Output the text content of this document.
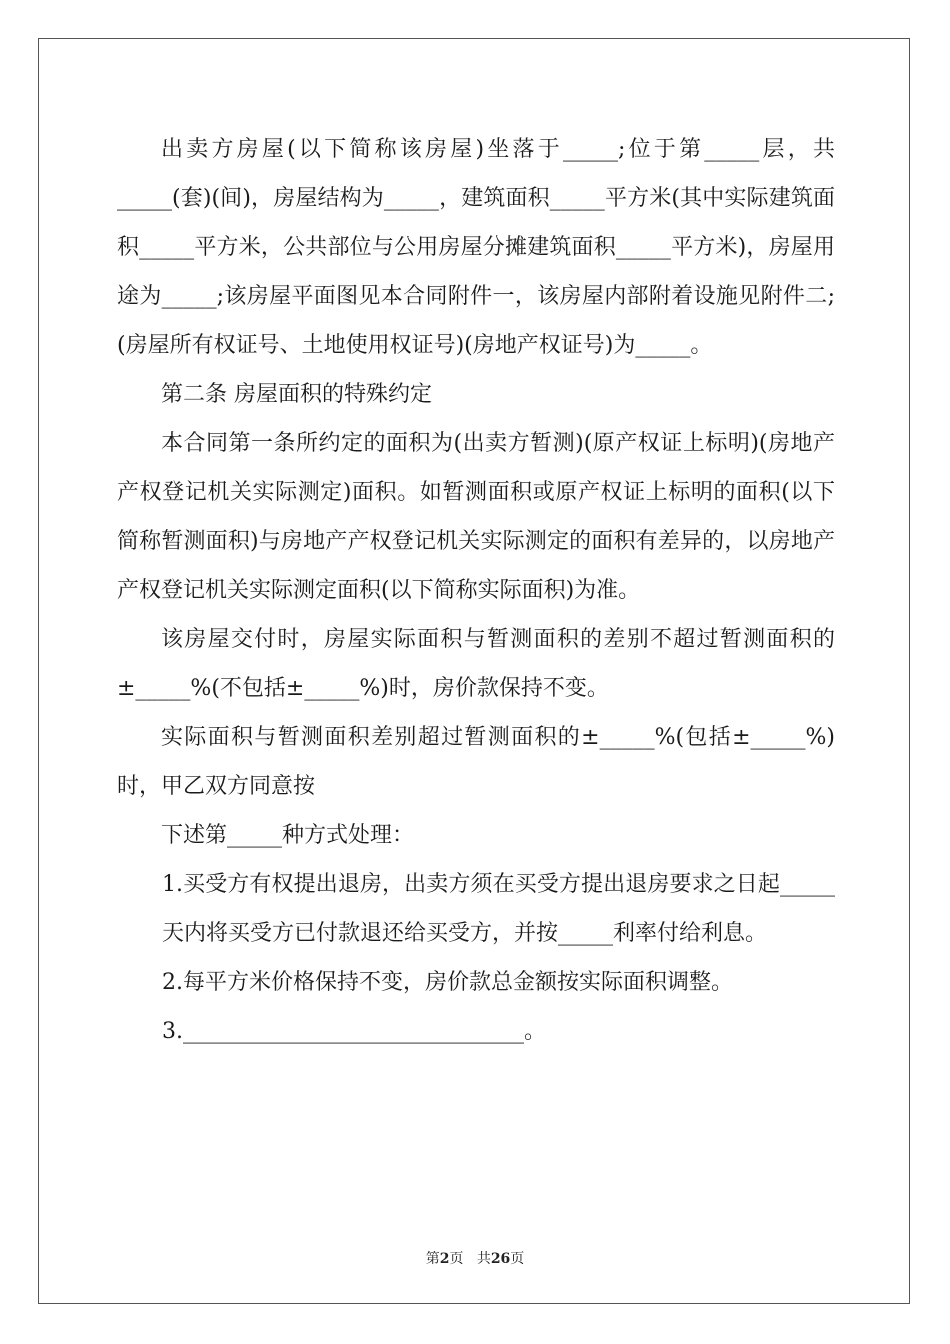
出卖方房屋(以下简称该房屋)坐落于_____;位于第_____层，共_____(套)(间)，房屋结构为_____，建筑面积_____平方米(其中实际建筑面积_____平方米，公共部位与公用房屋分摊建筑面积_____平方米)，房屋用途为_____;该房屋平面图见本合同附件一，该房屋内部附着设施见附件二;(房屋所有权证号、土地使用权证号)(房地产权证号)为_____。

第二条 房屋面积的特殊约定

本合同第一条所约定的面积为(出卖方暂测)(原产权证上标明)(房地产产权登记机关实际测定)面积。如暂测面积或原产权证上标明的面积(以下简称暂测面积)与房地产产权登记机关实际测定的面积有差异的，以房地产产权登记机关实际测定面积(以下简称实际面积)为准。

该房屋交付时，房屋实际面积与暂测面积的差别不超过暂测面积的±_____%(不包括±_____%)时，房价款保持不变。

实际面积与暂测面积差别超过暂测面积的±_____%(包括±_____%)时，甲乙双方同意按

下述第_____种方式处理：

1.买受方有权提出退房，出卖方须在买受方提出退房要求之日起_____天内将买受方已付款退还给买受方，并按_____利率付给利息。

2.每平方米价格保持不变，房价款总金额按实际面积调整。

3._______________________________。

第2页 共26页
